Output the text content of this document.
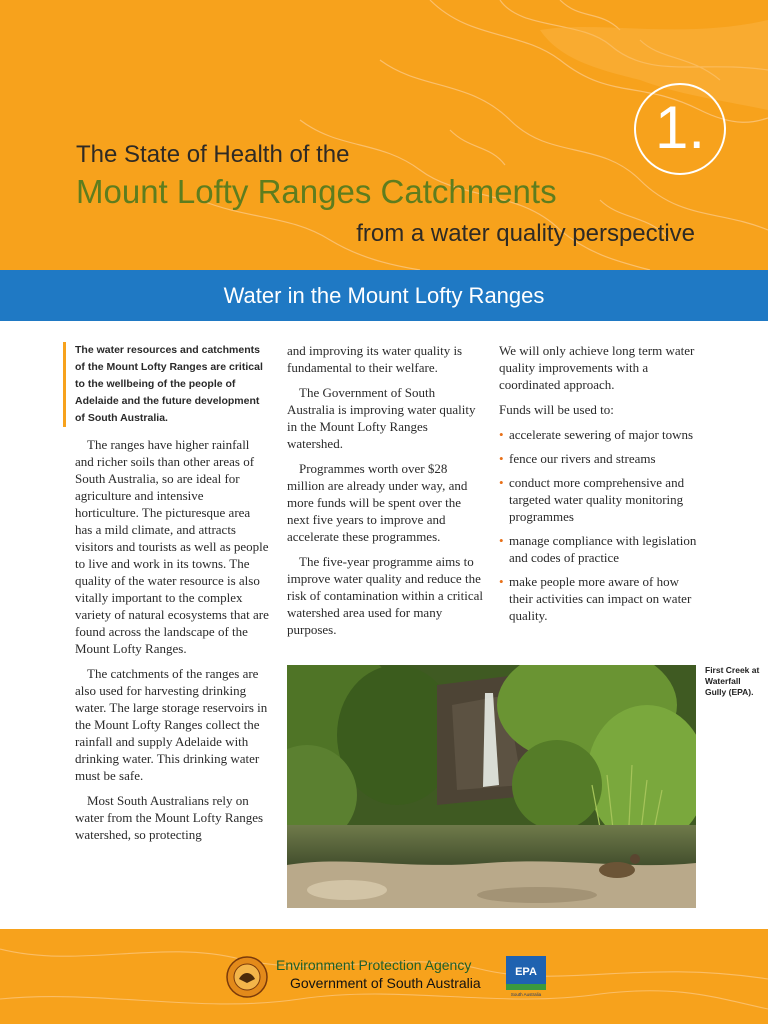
1.
The State of Health of the
Mount Lofty Ranges Catchments
from a water quality perspective
Water in the Mount Lofty Ranges

The water resources and catchments of the Mount Lofty Ranges are critical to the wellbeing of the people of Adelaide and the future development of South Australia.

The ranges have higher rainfall and richer soils than other areas of South Australia, so are ideal for agriculture and intensive horticulture. The picturesque area has a mild climate, and attracts visitors and tourists as well as people to live and work in its towns. The quality of the water resource is also vitally important to the complex variety of natural ecosystems that are found across the landscape of the Mount Lofty Ranges.

The catchments of the ranges are also used for harvesting drinking water. The large storage reservoirs in the Mount Lofty Ranges collect the rainfall and supply Adelaide with drinking water. This drinking water must be safe.

Most South Australians rely on water from the Mount Lofty Ranges watershed, so protecting

and improving its water quality is fundamental to their welfare.

The Government of South Australia is improving water quality in the Mount Lofty Ranges watershed.

Programmes worth over $28 million are already under way, and more funds will be spent over the next five years to improve and accelerate these programmes.

The five-year programme aims to improve water quality and reduce the risk of contamination within a critical watershed area used for many purposes.

We will only achieve long term water quality improvements with a coordinated approach.

Funds will be used to:

• accelerate sewering of major towns
• fence our rivers and streams
• conduct more comprehensive and targeted water quality monitoring programmes
• manage compliance with legislation and codes of practice
• make people more aware of how their activities can impact on water quality.
First Creek at Waterfall Gully (EPA).
Environment Protection Agency
Government of South Australia
EPA
South Australia
